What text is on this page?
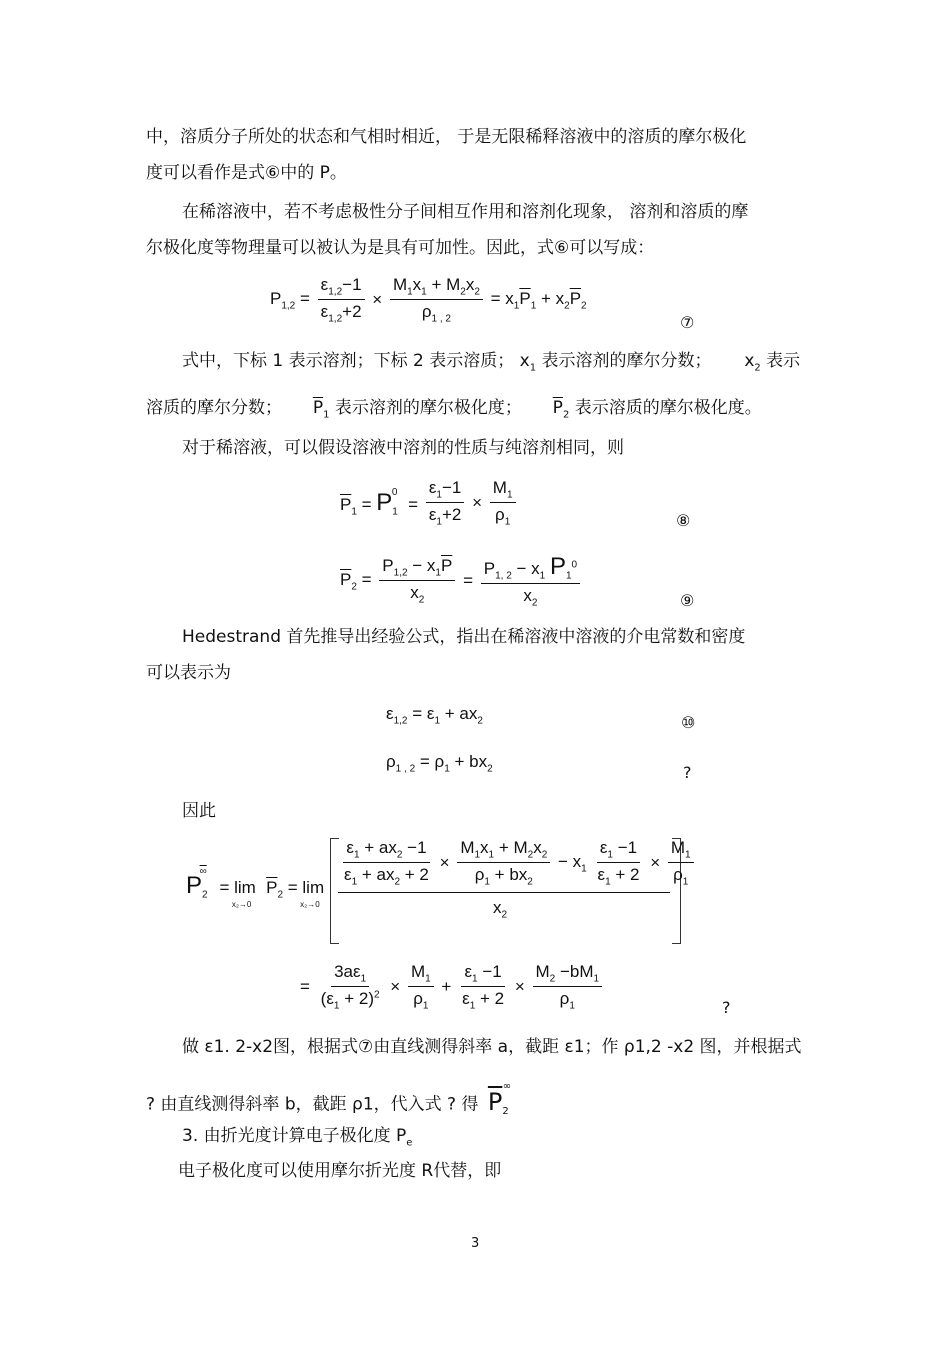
中，溶质分子所处的状态和气相时相近， 于是无限稀释溶液中的溶质的摩尔极化
度可以看作是式⑥中的 P。
在稀溶液中，若不考虑极性分子间相互作用和溶剂化现象， 溶剂和溶质的摩
尔极化度等物理量可以被认为是具有可加性。因此，式⑥可以写成：
$P_{1,2} = \frac{\varepsilon_{1,2}-1}{\varepsilon_{1,2}+2} \times \frac{M_1x_1 + M_2x_2}{\rho_{1 , 2}} = x_1\overline{P}_1 + x_2\overline{P}_2$
⑦
式中，下标 1 表示溶剂；下标 2 表示溶质； $x_1$ 表示溶剂的摩尔分数； $x_2$ 表示
溶质的摩尔分数； $\overline{P}_1$ 表示溶剂的摩尔极化度； $\overline{P}_2$ 表示溶质的摩尔极化度。
对于稀溶液，可以假设溶液中溶剂的性质与纯溶剂相同，则
$\overline{P}_1 = P_1^0 = \frac{\varepsilon_1-1}{\varepsilon_1+2} \times \frac{M_1}{\rho_1}$	⑧
$\overline{P}_2 = \frac{P_{1,2} - x_1\overline{P}}{x_2} = \frac{P_{1, 2} - x_1 P_1^0}{x_2}$	⑨
Hedestrand 首先推导出经验公式，指出在稀溶液中溶液的介电常数和密度
可以表示为
$\varepsilon_{1,2} = \varepsilon_1 + ax_2$	⑩
$\rho_{1 , 2} = \rho_1 + bx_2$	?
因此
$P_2^\infty = \lim_{x_2\to 0} \overline{P}_2 = \lim_{x_2\to 0}$
$\frac{\varepsilon_1 + ax_2 -1}{\varepsilon_1 + ax_2 + 2} \times \frac{M_1x_1 + M_2x_2}{\rho_1 + bx_2} - x_1 \frac{\varepsilon_1 -1}{\varepsilon_1 + 2} \times \frac{M_1}{\rho_1}$
$x_2$
= $\frac{3a\varepsilon_1}{(\varepsilon_1 + 2)^2} \times \frac{M_1}{\rho_1} + \frac{\varepsilon_1 -1}{\varepsilon_1 + 2} \times \frac{M_2 -bM_1}{\rho_1}$	?
做 ε1. 2-x2图，根据式⑦由直线测得斜率 a，截距 ε1；作 ρ1,2 -x2 图，并根据式
? 由直线测得斜率 b，截距 ρ1，代入式 ? 得 $\overline{P}_2^\infty$
3. 由折光度计算电子极化度 $P_e$
电子极化度可以使用摩尔折光度 R代替，即
3
